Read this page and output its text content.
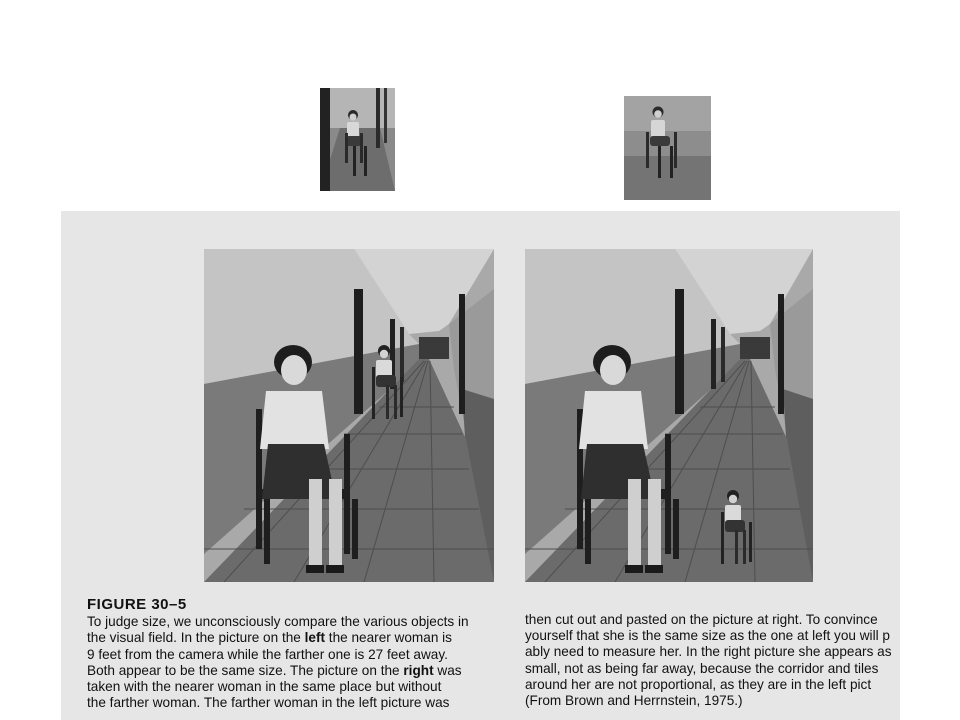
FIGURE 30–5
To judge size, we unconsciously compare the various objects in
the visual field. In the picture on the left the nearer woman is
9 feet from the camera while the farther one is 27 feet away.
Both appear to be the same size. The picture on the right was
taken with the nearer woman in the same place but without
the farther woman. The farther woman in the left picture was
then cut out and pasted on the picture at right. To convince
yourself that she is the same size as the one at left you will p
ably need to measure her. In the right picture she appears as
small, not as being far away, because the corridor and tiles
around her are not proportional, as they are in the left pict
(From Brown and Herrnstein, 1975.)
